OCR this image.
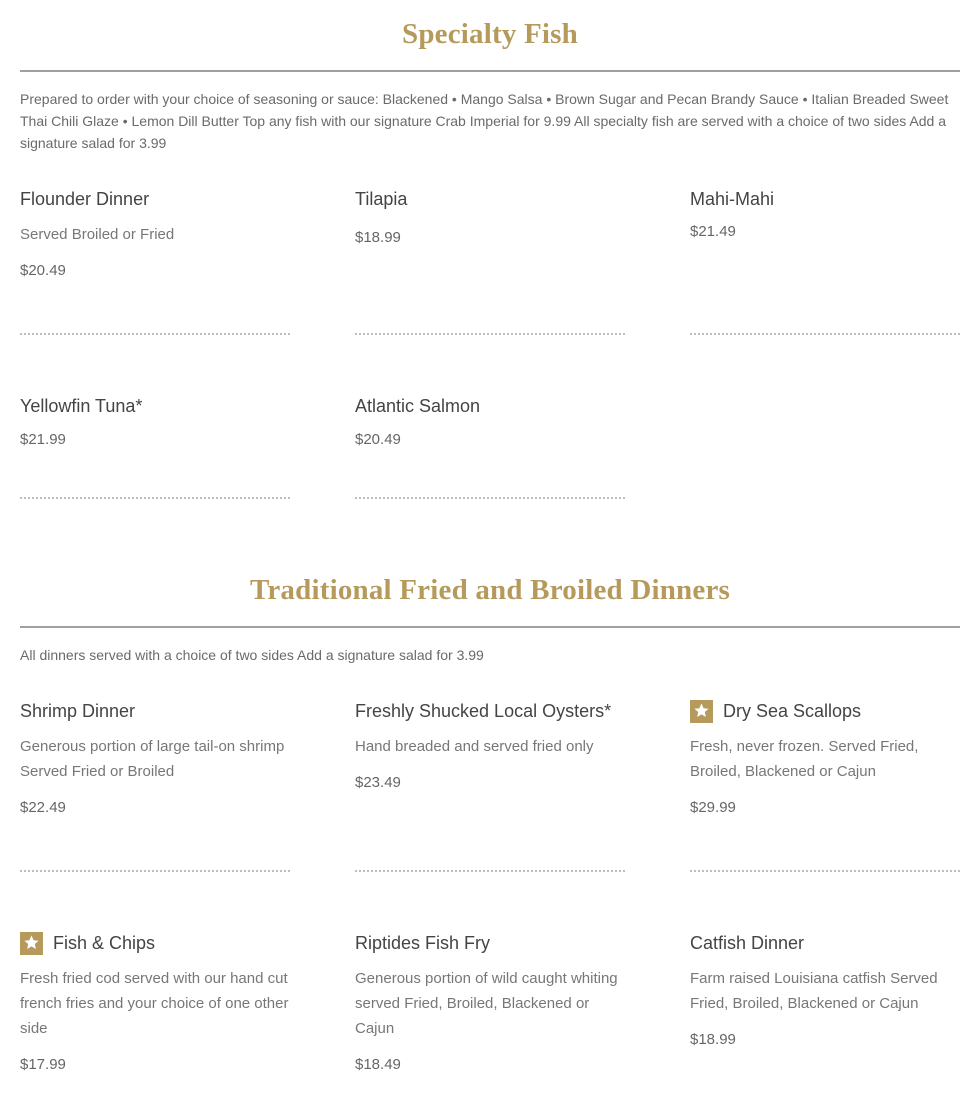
Specialty Fish
Prepared to order with your choice of seasoning or sauce: Blackened • Mango Salsa • Brown Sugar and Pecan Brandy Sauce • Italian Breaded Sweet Thai Chili Glaze • Lemon Dill Butter Top any fish with our signature Crab Imperial for 9.99 All specialty fish are served with a choice of two sides Add a signature salad for 3.99
Flounder Dinner
Served Broiled or Fried
$20.49
Tilapia
$18.99
Mahi-Mahi
$21.49
Yellowfin Tuna*
$21.99
Atlantic Salmon
$20.49
Traditional Fried and Broiled Dinners
All dinners served with a choice of two sides Add a signature salad for 3.99
Shrimp Dinner
Generous portion of large tail-on shrimp Served Fried or Broiled
$22.49
Freshly Shucked Local Oysters*
Hand breaded and served fried only
$23.49
Dry Sea Scallops
Fresh, never frozen. Served Fried, Broiled, Blackened or Cajun
$29.99
Fish & Chips
Fresh fried cod served with our hand cut french fries and your choice of one other side
$17.99
Riptides Fish Fry
Generous portion of wild caught whiting served Fried, Broiled, Blackened or Cajun
$18.49
Catfish Dinner
Farm raised Louisiana catfish Served Fried, Broiled, Blackened or Cajun
$18.99
